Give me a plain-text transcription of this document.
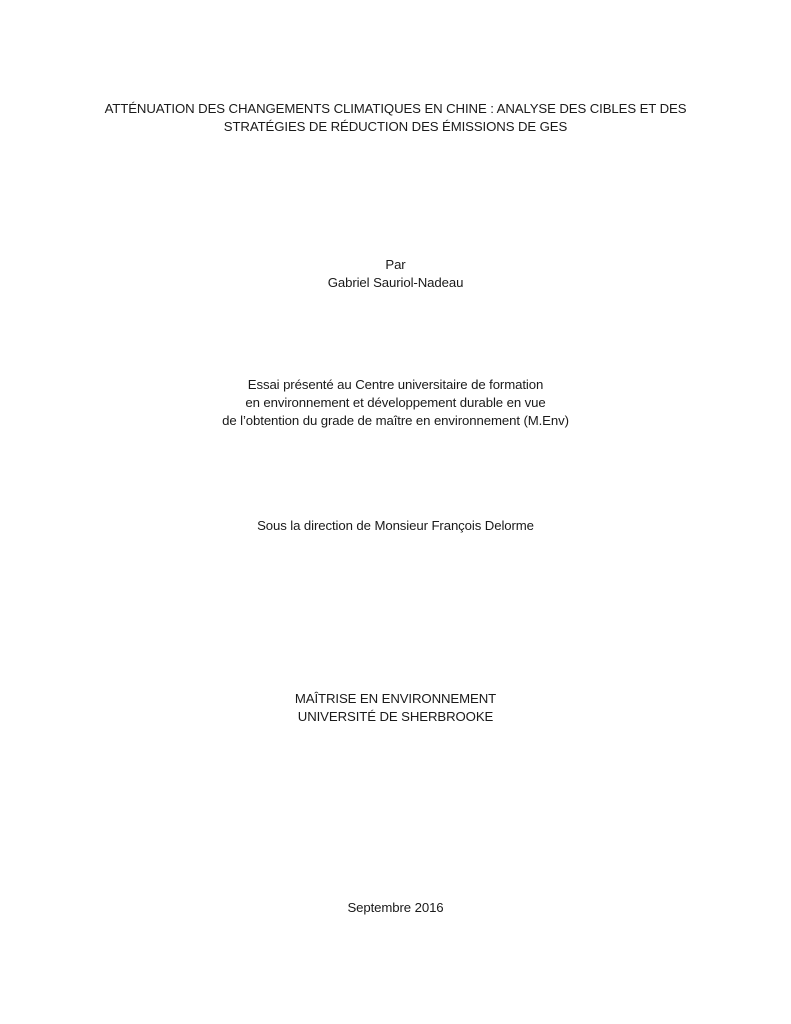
ATTÉNUATION DES CHANGEMENTS CLIMATIQUES EN CHINE : ANALYSE DES CIBLES ET DES
STRATÉGIES DE RÉDUCTION DES ÉMISSIONS DE GES
Par
Gabriel Sauriol-Nadeau
Essai présenté au Centre universitaire de formation
en environnement et développement durable en vue
de l’obtention du grade de maître en environnement (M.Env)
Sous la direction de Monsieur François Delorme
MAÎTRISE EN ENVIRONNEMENT
UNIVERSITÉ DE SHERBROOKE
Septembre 2016
